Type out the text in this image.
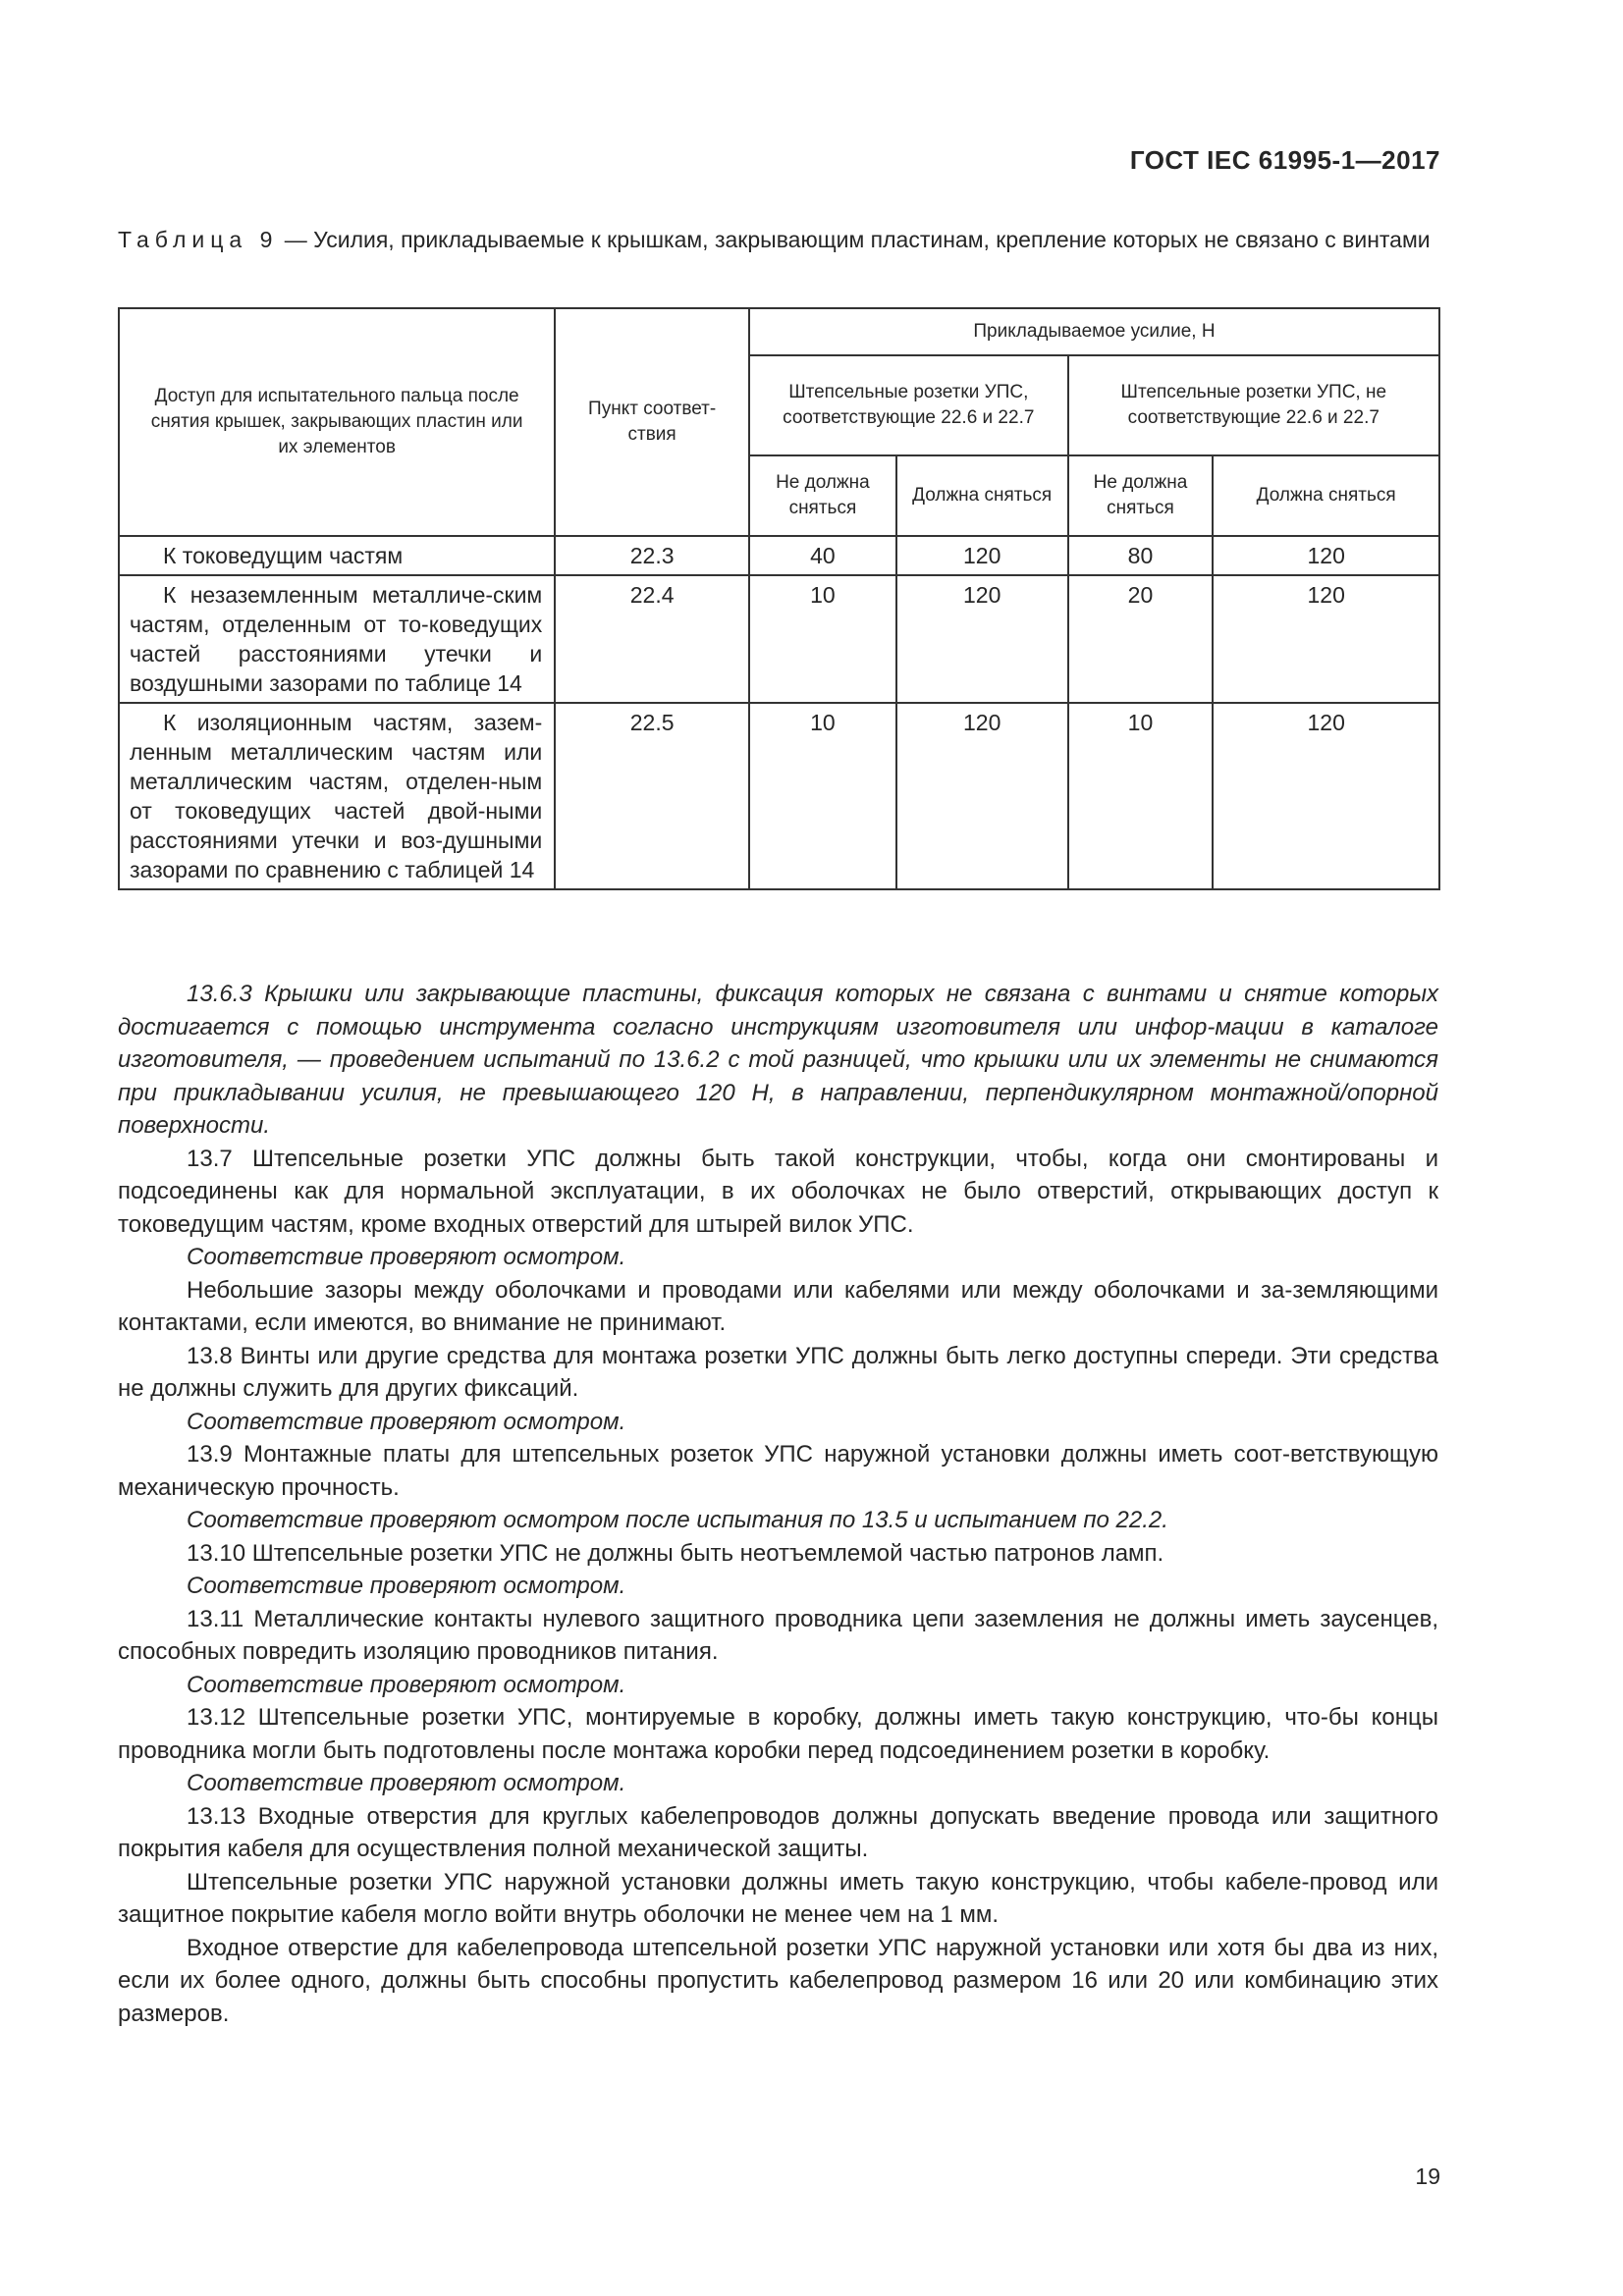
ГОСТ IEC 61995-1—2017
Таблица 9 — Усилия, прикладываемые к крышкам, закрывающим пластинам, крепление которых не связано с винтами
Доступ для испытательного пальца после снятия крышек, закрывающих пластин или их элементов	Пункт соответ-ствия	Прикладываемое усилие, Н			
		Штепсельные розетки УПС, соответствующие 22.6 и 22.7		Штепсельные розетки УПС, не соответствующие 22.6 и 22.7	
		Не должна сняться	Должна сняться	Не должна сняться	Должна сняться
К токоведущим частям	22.3	40	120	80	120
К незаземленным металличе-ским частям, отделенным от то-коведущих частей расстояниями утечки и воздушными зазорами по таблице 14	22.4	10	120	20	120
К изоляционным частям, зазем-ленным металлическим частям или металлическим частям, отделен-ным от токоведущих частей двой-ными расстояниями утечки и воз-душными зазорами по сравнению с таблицей 14	22.5	10	120	10	120

13.6.3 Крышки или закрывающие пластины, фиксация которых не связана с винтами и снятие которых достигается с помощью инструмента согласно инструкциям изготовителя или инфор-мации в каталоге изготовителя, — проведением испытаний по 13.6.2 с той разницей, что крышки или их элементы не снимаются при прикладывании усилия, не превышающего 120 Н, в направлении, перпендикулярном монтажной/опорной поверхности.

13.7 Штепсельные розетки УПС должны быть такой конструкции, чтобы, когда они смонтированы и подсоединены как для нормальной эксплуатации, в их оболочках не было отверстий, открывающих доступ к токоведущим частям, кроме входных отверстий для штырей вилок УПС.

Соответствие проверяют осмотром.

Небольшие зазоры между оболочками и проводами или кабелями или между оболочками и за-земляющими контактами, если имеются, во внимание не принимают.

13.8 Винты или другие средства для монтажа розетки УПС должны быть легко доступны спереди. Эти средства не должны служить для других фиксаций.

Соответствие проверяют осмотром.

13.9 Монтажные платы для штепсельных розеток УПС наружной установки должны иметь соот-ветствующую механическую прочность.

Соответствие проверяют осмотром после испытания по 13.5 и испытанием по 22.2.

13.10 Штепсельные розетки УПС не должны быть неотъемлемой частью патронов ламп.

Соответствие проверяют осмотром.

13.11 Металлические контакты нулевого защитного проводника цепи заземления не должны иметь заусенцев, способных повредить изоляцию проводников питания.

Соответствие проверяют осмотром.

13.12 Штепсельные розетки УПС, монтируемые в коробку, должны иметь такую конструкцию, что-бы концы проводника могли быть подготовлены после монтажа коробки перед подсоединением розетки в коробку.

Соответствие проверяют осмотром.

13.13 Входные отверстия для круглых кабелепроводов должны допускать введение провода или защитного покрытия кабеля для осуществления полной механической защиты.

Штепсельные розетки УПС наружной установки должны иметь такую конструкцию, чтобы кабеле-провод или защитное покрытие кабеля могло войти внутрь оболочки не менее чем на 1 мм.

Входное отверстие для кабелепровода штепсельной розетки УПС наружной установки или хотя бы два из них, если их более одного, должны быть способны пропустить кабелепровод размером 16 или 20 или комбинацию этих размеров.

19
